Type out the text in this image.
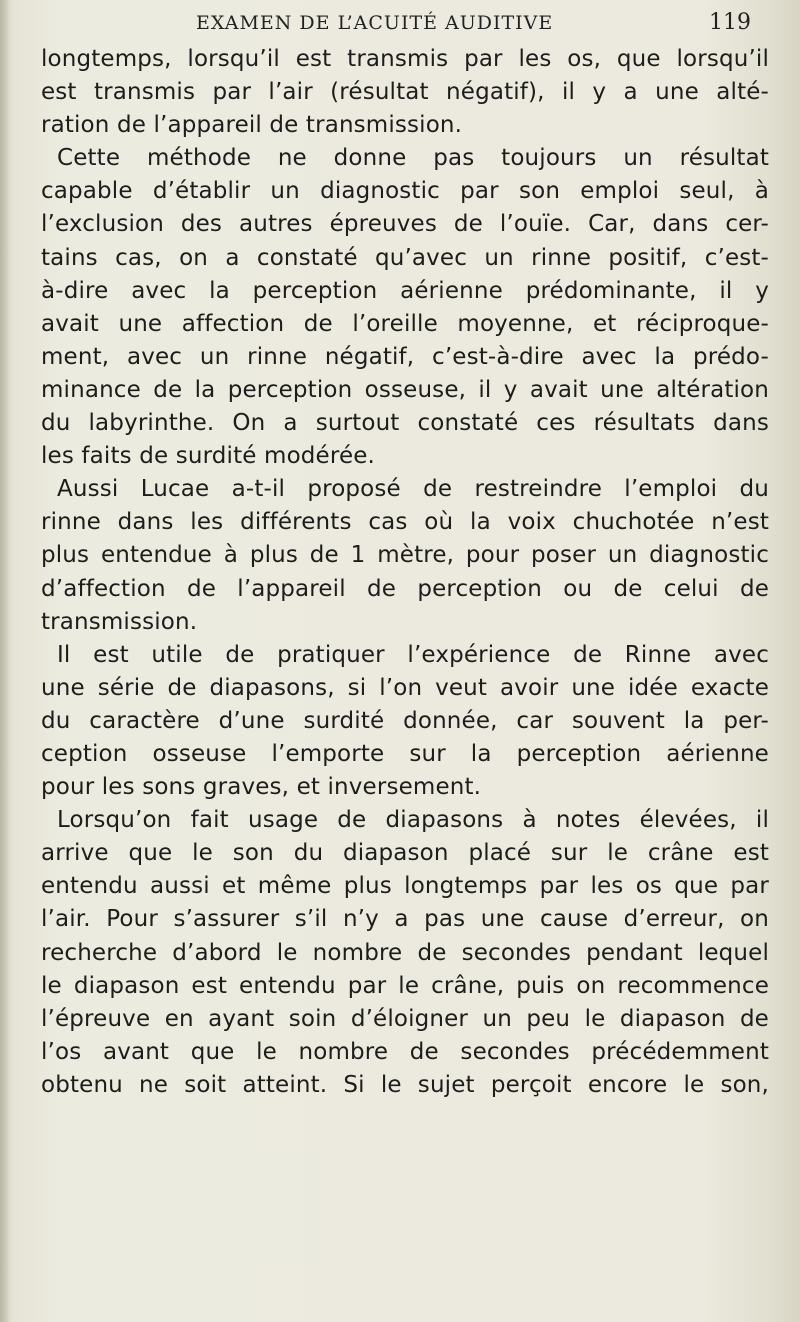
EXAMEN DE L’ACUITÉ AUDITIVE	119
longtemps, lorsqu’il est transmis par les os, que lorsqu’il
est transmis par l’air (résultat négatif), il y a une alté-
ration de l’appareil de transmission.
Cette méthode ne donne pas toujours un résultat
capable d’établir un diagnostic par son emploi seul, à
l’exclusion des autres épreuves de l’ouïe. Car, dans cer-
tains cas, on a constaté qu’avec un rinne positif, c’est-
à-dire avec la perception aérienne prédominante, il y
avait une affection de l’oreille moyenne, et réciproque-
ment, avec un rinne négatif, c’est-à-dire avec la prédo-
minance de la perception osseuse, il y avait une altération
du labyrinthe. On a surtout constaté ces résultats dans
les faits de surdité modérée.
Aussi Lucae a-t-il proposé de restreindre l’emploi du
rinne dans les différents cas où la voix chuchotée n’est
plus entendue à plus de 1 mètre, pour poser un diagnostic
d’affection de l’appareil de perception ou de celui de
transmission.
Il est utile de pratiquer l’expérience de Rinne avec
une série de diapasons, si l’on veut avoir une idée exacte
du caractère d’une surdité donnée, car souvent la per-
ception osseuse l’emporte sur la perception aérienne
pour les sons graves, et inversement.
Lorsqu’on fait usage de diapasons à notes élevées, il
arrive que le son du diapason placé sur le crâne est
entendu aussi et même plus longtemps par les os que par
l’air. Pour s’assurer s’il n’y a pas une cause d’erreur, on
recherche d’abord le nombre de secondes pendant lequel
le diapason est entendu par le crâne, puis on recommence
l’épreuve en ayant soin d’éloigner un peu le diapason de
l’os avant que le nombre de secondes précédemment
obtenu ne soit atteint. Si le sujet perçoit encore le son,
